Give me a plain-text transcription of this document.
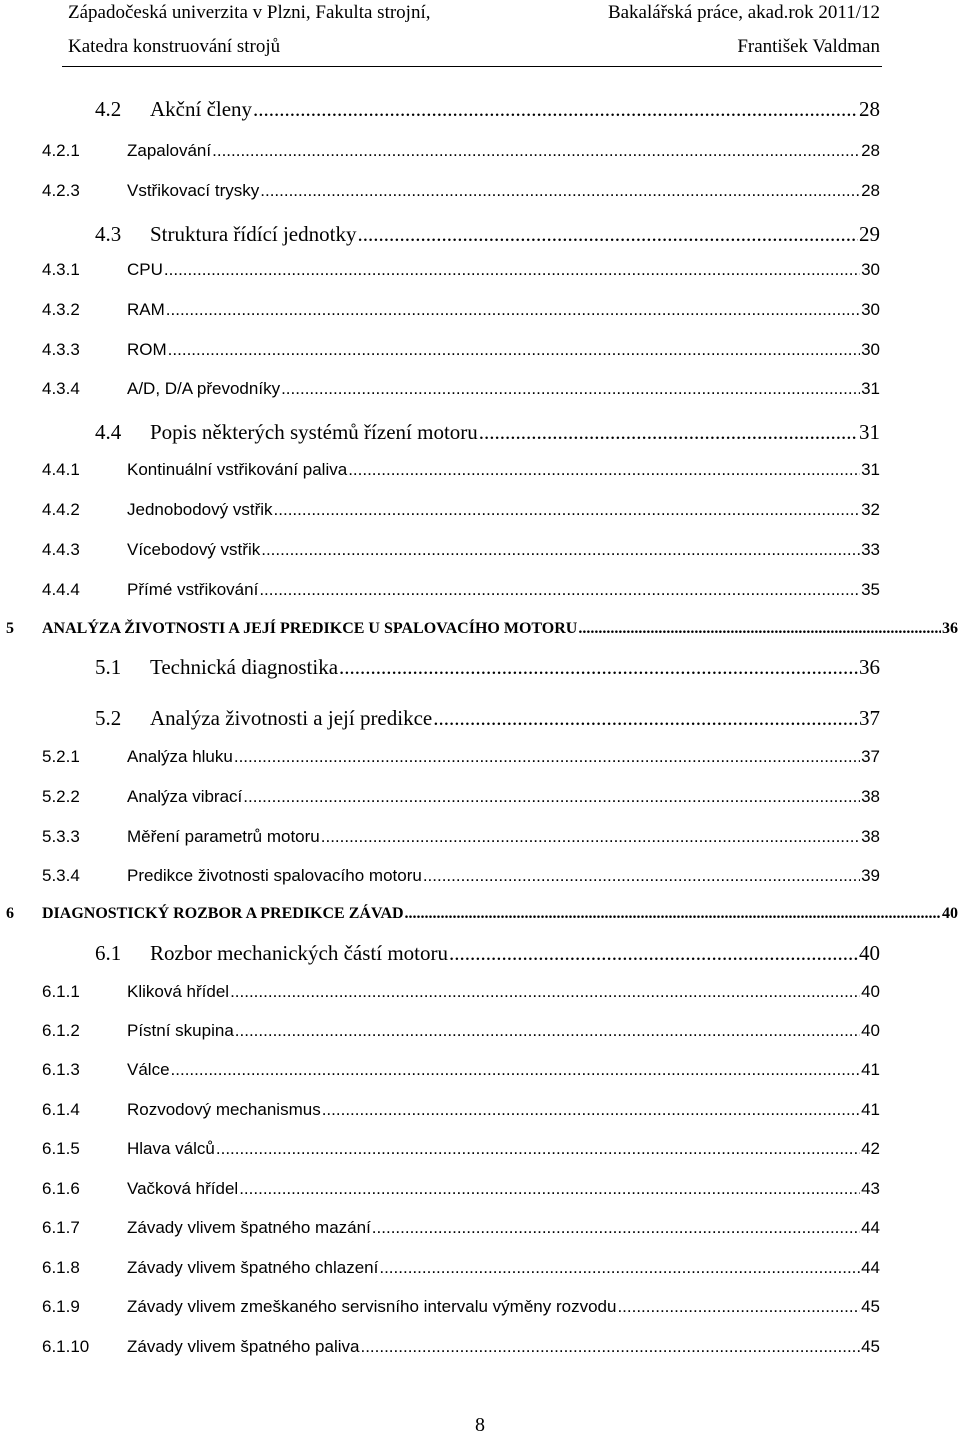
Západočeská univerzita v Plzni, Fakulta strojní,	Bakalářská práce, akad.rok 2011/12
Katedra konstruování strojů	František Valdman
4.2	Akční členy .....	28
4.2.1	Zapalování .....	28
4.2.3	Vstřikovací trysky .....	28
4.3	Struktura řídící jednotky .....	29
4.3.1	CPU .....	30
4.3.2	RAM .....	30
4.3.3	ROM .....	30
4.3.4	A/D, D/A převodníky .....	31
4.4	Popis některých systémů řízení motoru .....	31
4.4.1	Kontinuální vstřikování paliva .....	31
4.4.2	Jednobodový vstřik .....	32
4.4.3	Vícebodový vstřik .....	33
4.4.4	Přímé vstřikování .....	35
5	ANALÝZA ŽIVOTNOSTI A JEJÍ PREDIKCE U SPALOVACÍHO MOTORU .....	36
5.1	Technická diagnostika .....	36
5.2	Analýza životnosti a její predikce .....	37
5.2.1	Analýza hluku .....	37
5.2.2	Analýza vibrací .....	38
5.3.3	Měření parametrů motoru .....	38
5.3.4	Predikce životnosti spalovacího motoru .....	39
6	DIAGNOSTICKÝ ROZBOR A PREDIKCE ZÁVAD .....	40
6.1	Rozbor mechanických částí motoru .....	40
6.1.1	Kliková hřídel .....	40
6.1.2	Pístní skupina .....	40
6.1.3	Válce .....	41
6.1.4	Rozvodový mechanismus .....	41
6.1.5	Hlava válců .....	42
6.1.6	Vačková hřídel .....	43
6.1.7	Závady vlivem špatného mazání .....	44
6.1.8	Závady vlivem špatného chlazení .....	44
6.1.9	Závady vlivem zmeškaného servisního intervalu výměny rozvodu .....	45
6.1.10	Závady vlivem špatného paliva .....	45
8
